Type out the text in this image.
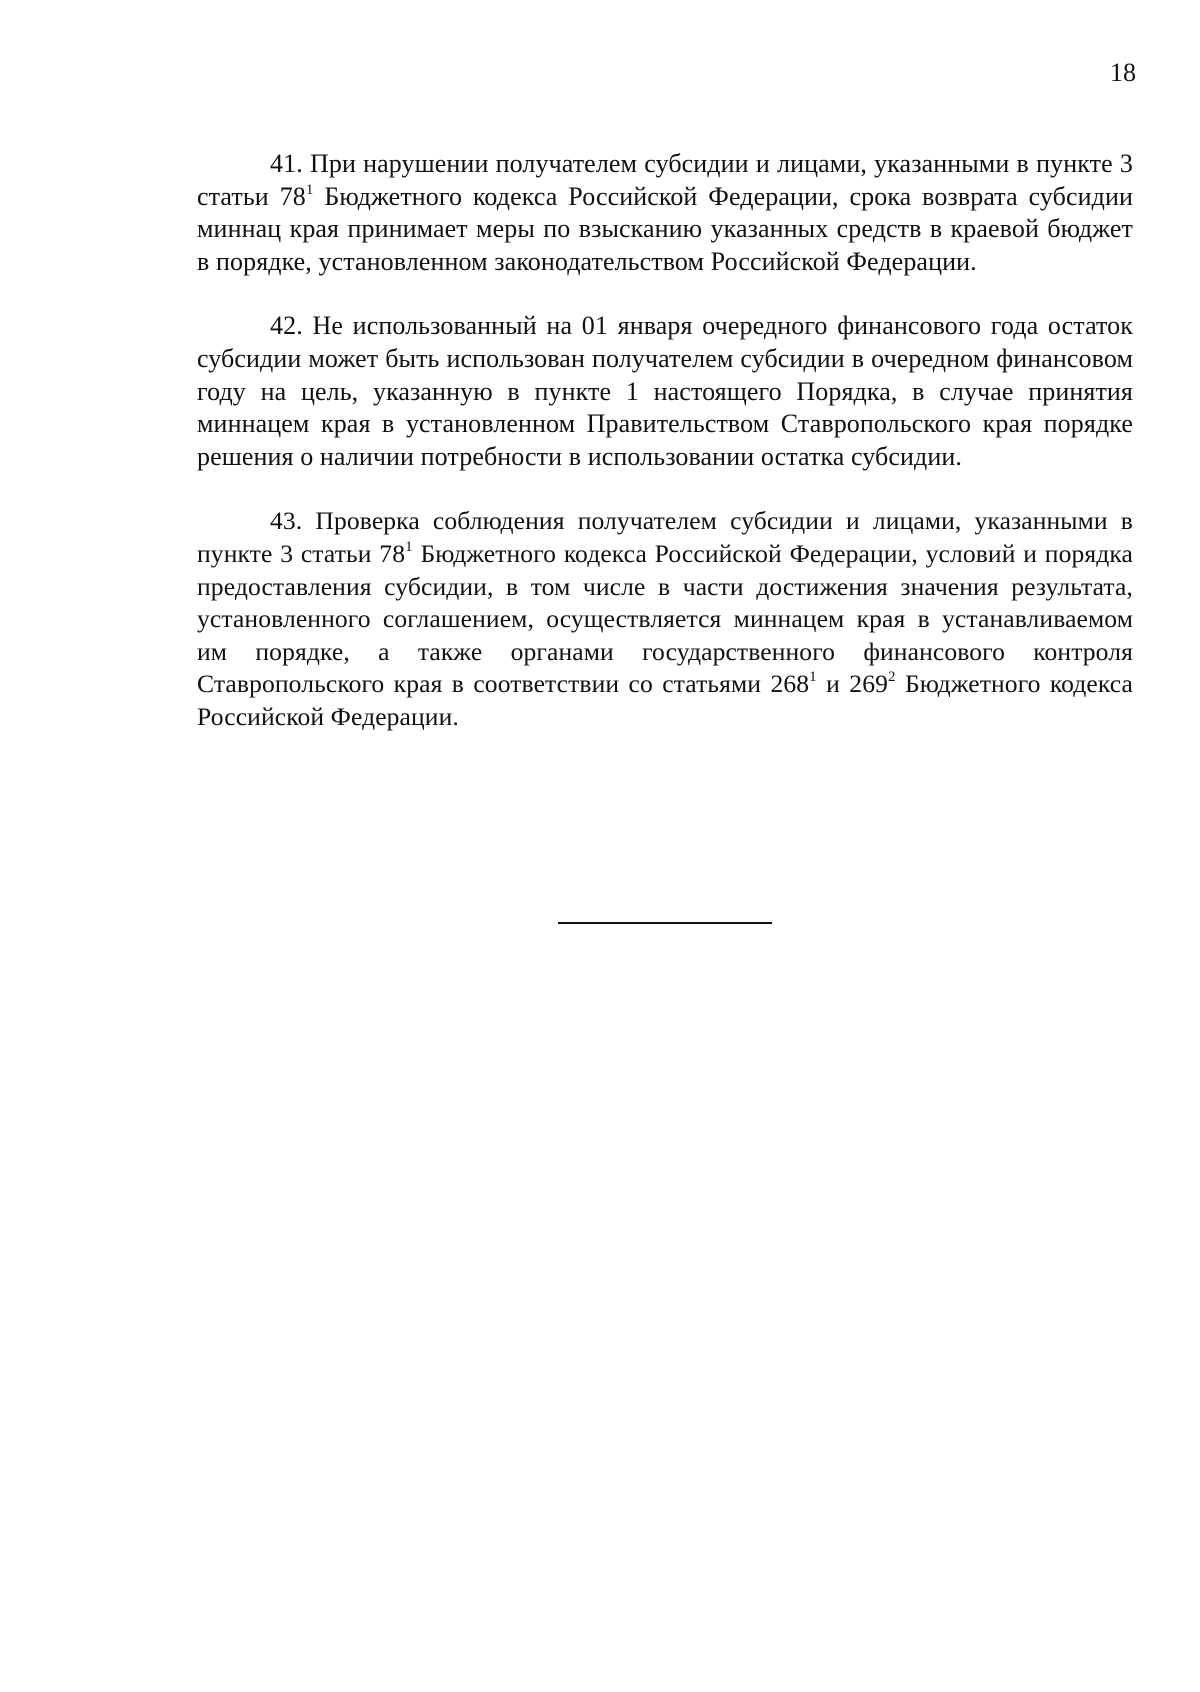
18

41. При нарушении получателем субсидии и лицами, указанными в пункте 3 статьи $78^1$ Бюджетного кодекса Российской Федерации, срока возврата субсидии миннац края принимает меры по взысканию указанных средств в краевой бюджет в порядке, установленном законодательством Российской Федерации.

42. Не использованный на 01 января очередного финансового года остаток субсидии может быть использован получателем субсидии в очередном финансовом году на цель, указанную в пункте 1 настоящего Порядка, в случае принятия миннацем края в установленном Правительством Ставропольского края порядке решения о наличии потребности в использовании остатка субсидии.

43. Проверка соблюдения получателем субсидии и лицами, указанными в пункте 3 статьи $78^1$ Бюджетного кодекса Российской Федерации, условий и порядка предоставления субсидии, в том числе в части достижения значения результата, установленного соглашением, осуществляется миннацем края в устанавливаемом им порядке, а также органами государственного финансового контроля Ставропольского края в соответствии со статьями $268^1$ и $269^2$ Бюджетного кодекса Российской Федерации.
